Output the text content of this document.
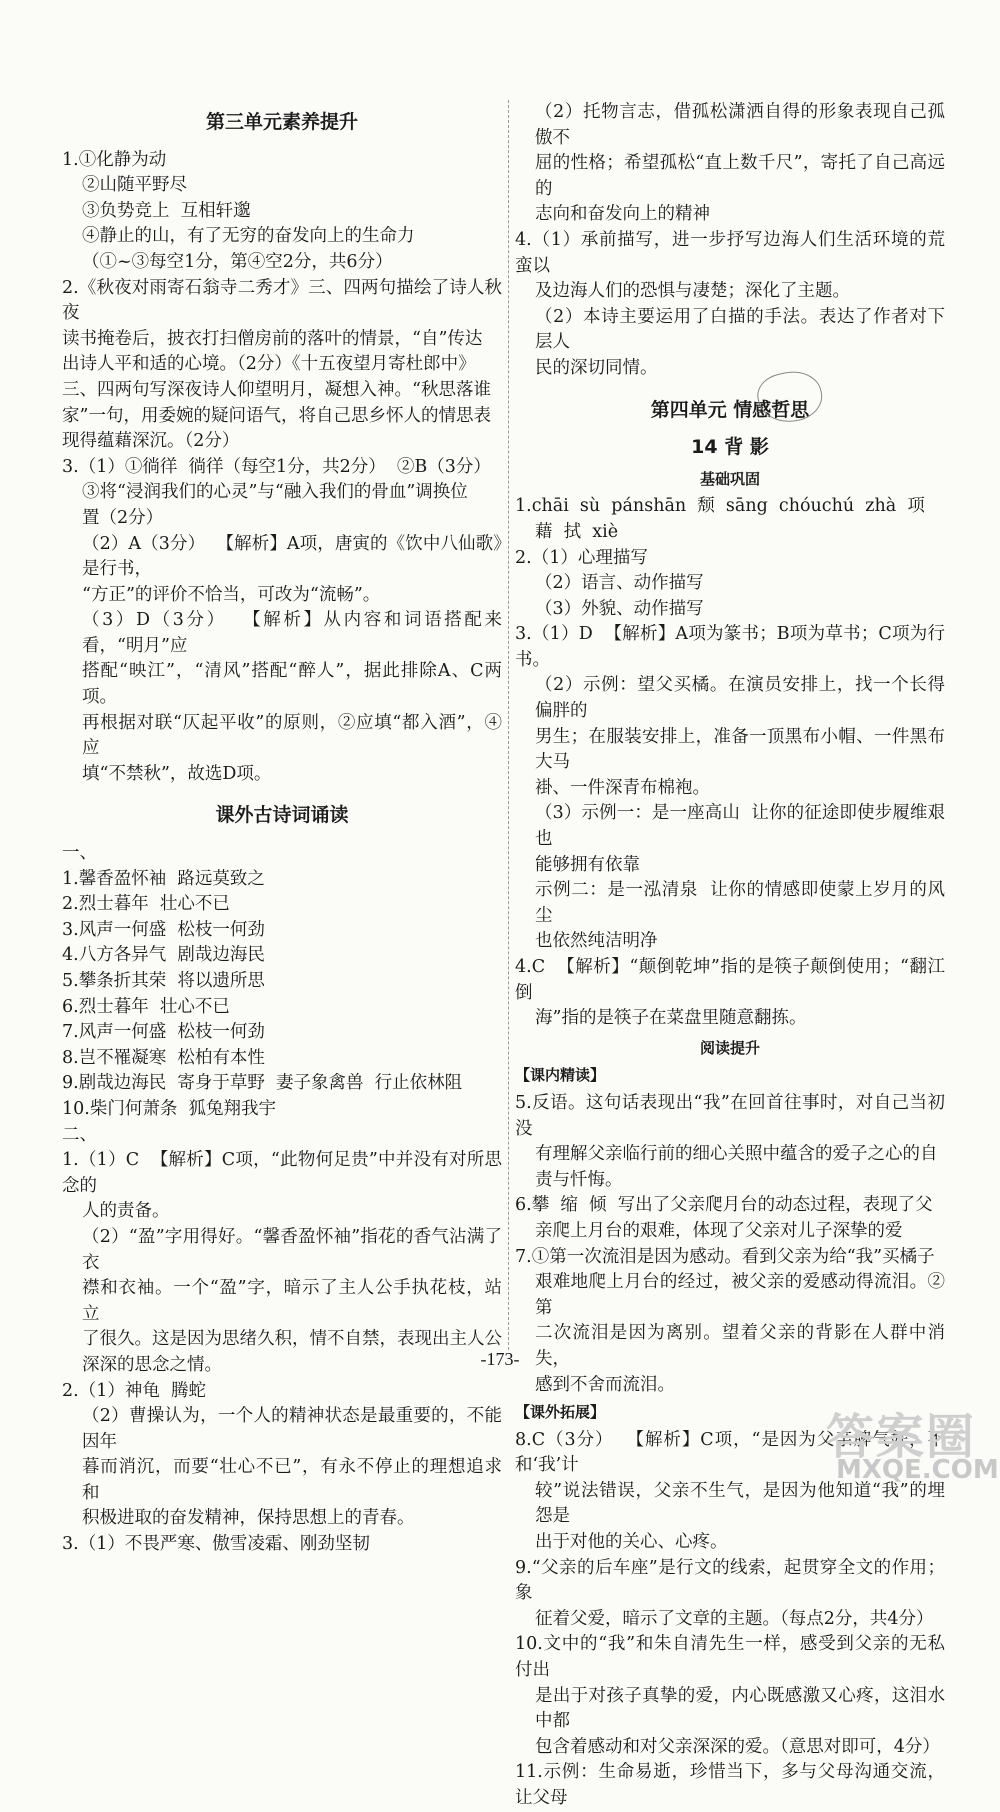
第三单元素养提升
1.①化静为动
②山随平野尽
③负势竞上  互相轩邈
④静止的山，有了无穷的奋发向上的生命力
（①~③每空1分，第④空2分，共6分）
2.《秋夜对雨寄石翁寺二秀才》三、四两句描绘了诗人秋夜
读书掩卷后，披衣打扫僧房前的落叶的情景，“自”传达
出诗人平和适的心境。（2分）《十五夜望月寄杜郎中》
三、四两句写深夜诗人仰望明月，凝想入神。“秋思落谁
家”一句，用委婉的疑问语气，将自己思乡怀人的情思表
现得蕴藉深沉。（2分）
3.（1）①徜徉  徜徉（每空1分，共2分）  ②B（3分）
③将“浸润我们的心灵”与“融入我们的骨血”调换位
置（2分）
（2）A（3分）  【解析】A项，唐寅的《饮中八仙歌》是行书，
“方正”的评价不恰当，可改为“流畅”。
（3）D（3分）  【解析】从内容和词语搭配来看，“明月”应
搭配“映江”，“清风”搭配“醉人”，据此排除A、C两项。
再根据对联“仄起平收”的原则，②应填“都入酒”，④应
填“不禁秋”，故选D项。
课外古诗词诵读
一、
1.馨香盈怀袖  路远莫致之
2.烈士暮年  壮心不已
3.风声一何盛  松枝一何劲
4.八方各异气  剧哉边海民
5.攀条折其荣  将以遗所思
6.烈士暮年  壮心不已
7.风声一何盛  松枝一何劲
8.岂不罹凝寒  松柏有本性
9.剧哉边海民  寄身于草野  妻子象禽兽  行止依林阻
10.柴门何萧条  狐兔翔我宇
二、
1.（1）C  【解析】C项，“此物何足贵”中并没有对所思念的
人的责备。
（2）“盈”字用得好。“馨香盈怀袖”指花的香气沾满了衣
襟和衣袖。一个“盈”字，暗示了主人公手执花枝，站立
了很久。这是因为思绪久积，情不自禁，表现出主人公
深深的思念之情。
2.（1）神龟  腾蛇
（2）曹操认为，一个人的精神状态是最重要的，不能因年
暮而消沉，而要“壮心不已”，有永不停止的理想追求和
积极进取的奋发精神，保持思想上的青春。
3.（1）不畏严寒、傲雪凌霜、刚劲坚韧
（2）托物言志，借孤松潇洒自得的形象表现自己孤傲不
屈的性格；希望孤松“直上数千尺”，寄托了自己高远的
志向和奋发向上的精神
4.（1）承前描写，进一步抒写边海人们生活环境的荒蛮以
及边海人们的恐惧与凄楚；深化了主题。
（2）本诗主要运用了白描的手法。表达了作者对下层人
民的深切同情。
第四单元 情感哲思
14 背 影
基础巩固
1.chāi  sù  pánshān  颓  sāng  chóuchú  zhà  项
藉  拭  xiè
2.（1）心理描写
（2）语言、动作描写
（3）外貌、动作描写
3.（1）D  【解析】A项为篆书；B项为草书；C项为行书。
（2）示例：望父买橘。在演员安排上，找一个长得偏胖的
男生；在服装安排上，准备一顶黑布小帽、一件黑布大马
褂、一件深青布棉袍。
（3）示例一：是一座高山  让你的征途即使步履维艰也
能够拥有依靠
示例二：是一泓清泉  让你的情感即使蒙上岁月的风尘
也依然纯洁明净
4.C  【解析】“颠倒乾坤”指的是筷子颠倒使用；“翻江倒
海”指的是筷子在菜盘里随意翻拣。
阅读提升
【课内精读】
5.反语。这句话表现出“我”在回首往事时，对自己当初没
有理解父亲临行前的细心关照中蕴含的爱子之心的自
责与忏悔。
6.攀  缩  倾  写出了父亲爬月台的动态过程，表现了父
亲爬上月台的艰难，体现了父亲对儿子深挚的爱
7.①第一次流泪是因为感动。看到父亲为给“我”买橘子
艰难地爬上月台的经过，被父亲的爱感动得流泪。②第
二次流泪是因为离别。望着父亲的背影在人群中消失，
感到不舍而流泪。
【课外拓展】
8.C（3分）  【解析】C项，“是因为父亲脾气好，不和‘我’计
较”说法错误，父亲不生气，是因为他知道“我”的埋怨是
出于对他的关心、心疼。
9.“父亲的后车座”是行文的线索，起贯穿全文的作用；象
征着父爱，暗示了文章的主题。（每点2分，共4分）
10.文中的“我”和朱自清先生一样，感受到父亲的无私付出
是出于对孩子真挚的爱，内心既感激又心疼，这泪水中都
包含着感动和对父亲深深的爱。（意思对即可，4分）
11.示例：生命易逝，珍惜当下，多与父母沟通交流，让父母
-173-
答案圈
MXQE.COM
